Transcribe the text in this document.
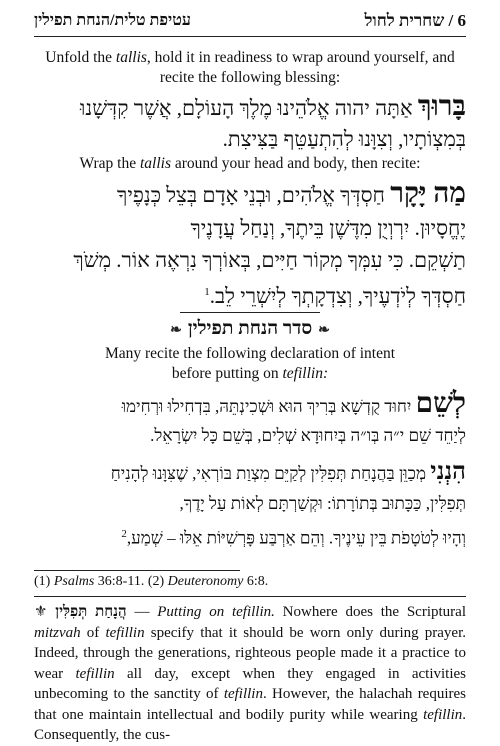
עטיפת טלית/הנחת תפילין	6 / שחרית לחול
Unfold the tallis, hold it in readiness to wrap around yourself, and recite the following blessing:
בָּרוּךְ אַתָּה יהוה אֱלֹהֵינוּ מֶלֶךְ הָעוֹלָם, אֲשֶׁר קִדְּשָׁנוּ
בְּמִצְוֹתָיו, וְצִוָּנוּ לְהִתְעַטֵּף בַּצִּיצִת.
Wrap the tallis around your head and body, then recite:
מַה יָּקָר חַסְדְּךָ אֱלֹהִים, וּבְנֵי אָדָם בְּצֵל כְּנָפֶיךָ
יֶחֱסָיוּן. יִרְוְיֻן מִדֶּשֶׁן בֵּיתֶךָ, וְנַחַל עֲדָנֶיךָ
תַשְׁקֵם. כִּי עִמְּךָ מְקוֹר חַיִּים, בְּאוֹרְךָ נִרְאֶה אוֹר. מְשֹׁךְ
חַסְדְּךָ לְיֹדְעֶיךָ, וְצִדְקָתְךָ לְיִשְׁרֵי לֵב.$^1$
❧סדר הנחת תפילין❧
Many recite the following declaration of intent
before putting on tefillin:
לְשֵׁם יִחוּד קֻדְשָׁא בְּרִיךְ הוּא וּשְׁכִינְתֵּהּ, בִּדְחִילוּ וּרְחִימוּ
לְיַחֵד שֵׁם י״ה בְּו״ה בְּיִחוּדָא שְׁלִים, בְּשֵׁם כָּל יִשְׂרָאֵל.
הִנְנִי מְכַוֵּן בַּהֲנָחַת תְּפִלִּין לְקַיֵּם מִצְוַת בּוֹרְאִי, שֶׁצִּוָּנוּ לְהָנִיחַ
תְּפִלִּין, כַּכָּתוּב בְּתוֹרָתוֹ: וּקְשַׁרְתָּם לְאוֹת עַל יָדֶךָ,
וְהָיוּ לְטֹטָפֹת בֵּין עֵינֶיךָ. וְהֵם אַרְבַּע פָּרְשִׁיּוֹת אֵלּוּ – שְׁמַע,$^2$
(1) Psalms 36:8-11. (2) Deuteronomy 6:8.
⚜ הֲנָחַת תְּפִלִּין — Putting on tefillin. Nowhere does the Scriptural mitzvah of tefillin specify that it should be worn only during prayer. Indeed, through the generations, righteous people made it a practice to wear tefillin all day, except when they engaged in activities unbecoming to the sanctity of tefillin. However, the halachah requires that one maintain intellectual and bodily purity while wearing tefillin. Consequently, the cus-
